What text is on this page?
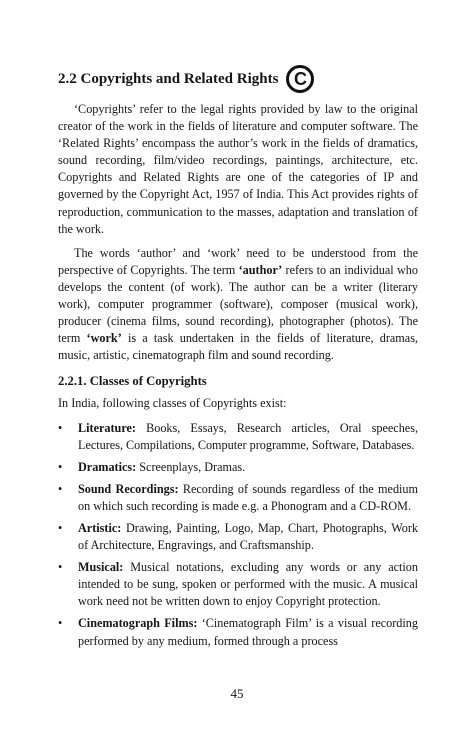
2.2 Copyrights and Related Rights C

‘Copyrights’ refer to the legal rights provided by law to the original creator of the work in the fields of literature and computer software. The ‘Related Rights’ encompass the author’s work in the fields of dramatics, sound recording, film/video recordings, paintings, architecture, etc. Copyrights and Related Rights are one of the categories of IP and governed by the Copyright Act, 1957 of India. This Act provides rights of reproduction, communication to the masses, adaptation and translation of the work.

The words ‘author’ and ‘work’ need to be understood from the perspective of Copyrights. The term ‘author’ refers to an individual who develops the content (of work). The author can be a writer (literary work), computer programmer (software), composer (musical work), producer (cinema films, sound recording), photographer (photos). The term ‘work’ is a task undertaken in the fields of literature, dramas, music, artistic, cinematograph film and sound recording.

2.2.1. Classes of Copyrights

In India, following classes of Copyrights exist:

• Literature: Books, Essays, Research articles, Oral speeches, Lectures, Compilations, Computer programme, Software, Databases.
• Dramatics: Screenplays, Dramas.
• Sound Recordings: Recording of sounds regardless of the medium on which such recording is made e.g. a Phonogram and a CD-ROM.
• Artistic: Drawing, Painting, Logo, Map, Chart, Photographs, Work of Architecture, Engravings, and Craftsmanship.
• Musical: Musical notations, excluding any words or any action intended to be sung, spoken or performed with the music. A musical work need not be written down to enjoy Copyright protection.
• Cinematograph Films: ‘Cinematograph Film’ is a visual recording performed by any medium, formed through a process
45
